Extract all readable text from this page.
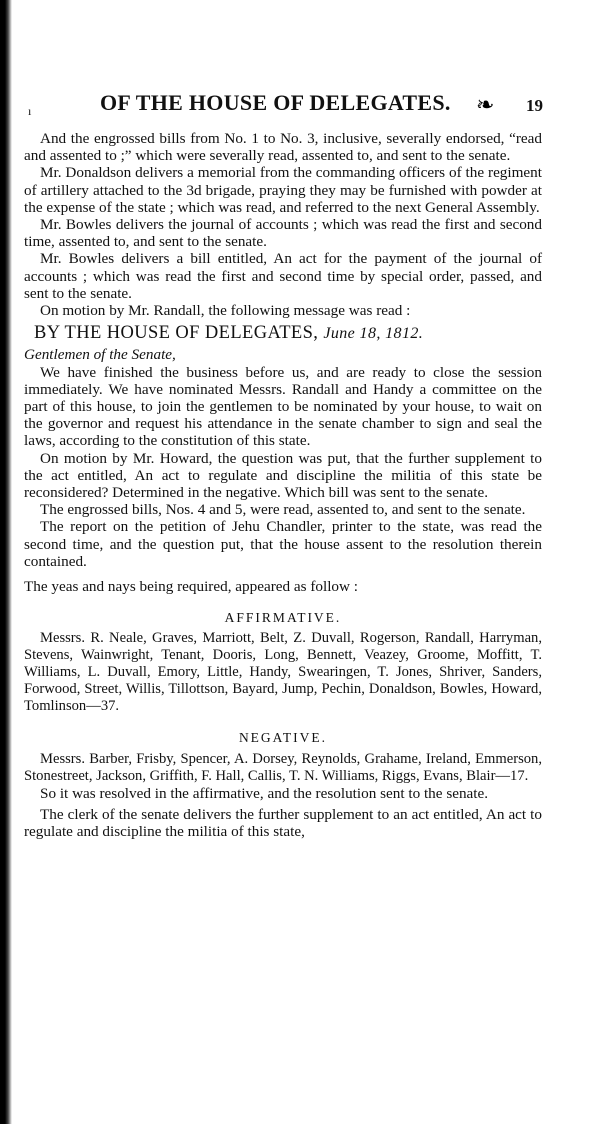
ı	OF THE HOUSE OF DELEGATES. ❧ 19

And the engrossed bills from No. 1 to No. 3, inclusive, severally endorsed, “read and assented to ;” which were severally read, assented to, and sent to the senate.

Mr. Donaldson delivers a memorial from the commanding officers of the regiment of artillery attached to the 3d brigade, praying they may be furnished with powder at the expense of the state ; which was read, and referred to the next General Assembly.

Mr. Bowles delivers the journal of accounts ; which was read the first and second time, assented to, and sent to the senate.

Mr. Bowles delivers a bill entitled, An act for the payment of the journal of accounts ; which was read the first and second time by special order, passed, and sent to the senate.

On motion by Mr. Randall, the following message was read :

BY THE HOUSE OF DELEGATES, June 18, 1812.

Gentlemen of the Senate,

We have finished the business before us, and are ready to close the session immediately. We have nominated Messrs. Randall and Handy a committee on the part of this house, to join the gentlemen to be nominated by your house, to wait on the governor and request his attendance in the senate chamber to sign and seal the laws, according to the constitution of this state.

On motion by Mr. Howard, the question was put, that the further supplement to the act entitled, An act to regulate and discipline the militia of this state be reconsidered? Determined in the negative. Which bill was sent to the senate.

The engrossed bills, Nos. 4 and 5, were read, assented to, and sent to the senate.

The report on the petition of Jehu Chandler, printer to the state, was read the second time, and the question put, that the house assent to the resolution therein contained.

The yeas and nays being required, appeared as follow :

AFFIRMATIVE.

Messrs. R. Neale, Graves, Marriott, Belt, Z. Duvall, Rogerson, Randall, Harryman, Stevens, Wainwright, Tenant, Dooris, Long, Bennett, Veazey, Groome, Moffitt, T. Williams, L. Duvall, Emory, Little, Handy, Swearingen, T. Jones, Shriver, Sanders, Forwood, Street, Willis, Tillottson, Bayard, Jump, Pechin, Donaldson, Bowles, Howard, Tomlinson—37.

NEGATIVE.

Messrs. Barber, Frisby, Spencer, A. Dorsey, Reynolds, Grahame, Ireland, Emmerson, Stonestreet, Jackson, Griffith, F. Hall, Callis, T. N. Williams, Riggs, Evans, Blair—17.

So it was resolved in the affirmative, and the resolution sent to the senate.

The clerk of the senate delivers the further supplement to an act entitled, An act to regulate and discipline the militia of this state,
